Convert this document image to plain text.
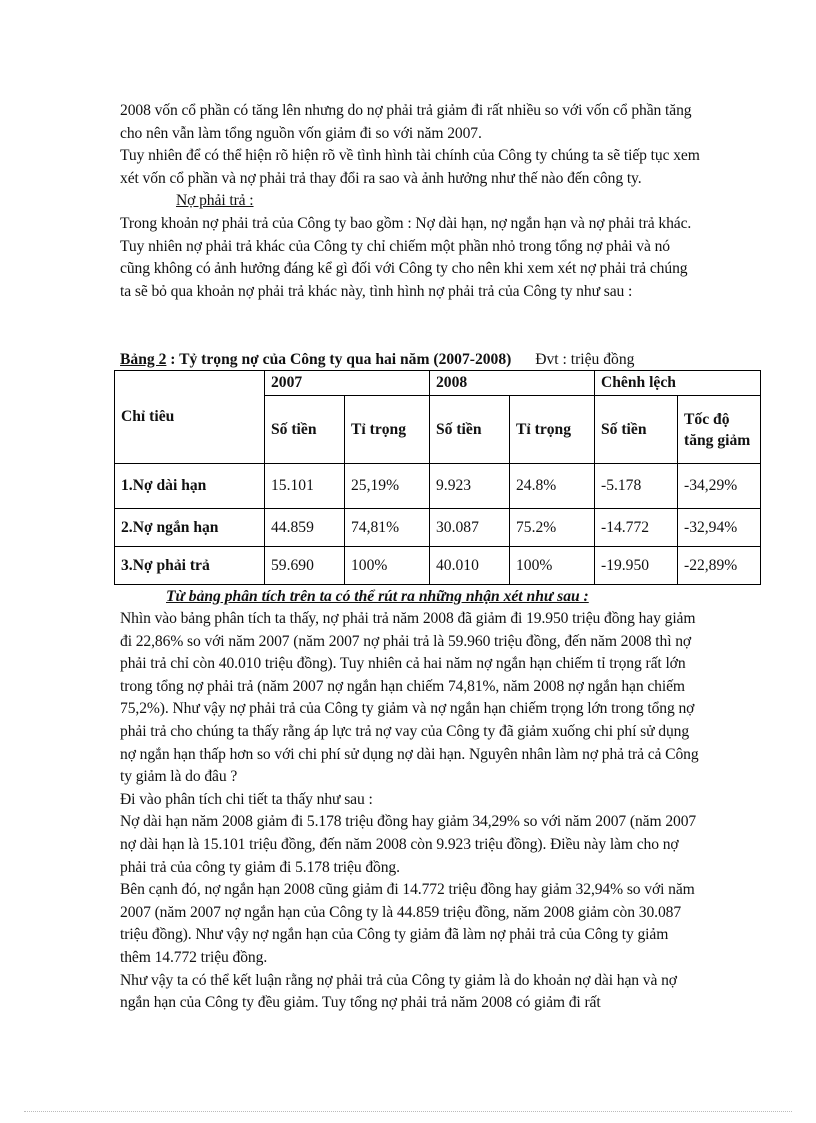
2008 vốn cổ phần có tăng lên nhưng do nợ phải trả giảm đi rất nhiều so với vốn cổ phần tăng cho nên vẫn làm tổng nguồn vốn giảm đi so với năm 2007.

Tuy nhiên để có thể hiện rõ hiện rõ về tình hình tài chính của Công ty chúng ta sẽ tiếp tục xem xét vốn cổ phần và nợ phải trả thay đổi ra sao và ảnh hưởng như thế nào đến công ty.

Nợ phải trả :

Trong khoản nợ phải trả của Công ty bao gồm : Nợ dài hạn, nợ ngắn hạn và nợ phải trả khác. Tuy nhiên nợ phải trả khác của Công ty chỉ chiếm một phần nhỏ trong tổng nợ phải và nó cũng không có ảnh hưởng đáng kể gì đối với Công ty cho nên khi xem xét nợ phải trả chúng ta sẽ bỏ qua khoản nợ phải trả khác này, tình hình nợ phải trả của Công ty như sau :

Bảng 2 : Tỷ trọng nợ của Công ty qua hai năm (2007-2008) Đvt : triệu đồng
Chỉ tiêu	2007		2008		Chênh lệch	
	Số tiền	Tỉ trọng	Số tiền	Tỉ trọng	Số tiền	Tốc độ tăng giảm
1.Nợ dài hạn	15.101	25,19%	9.923	24.8%	-5.178	-34,29%
2.Nợ ngắn hạn	44.859	74,81%	30.087	75.2%	-14.772	-32,94%
3.Nợ phải trả	59.690	100%	40.010	100%	-19.950	-22,89%
Từ bảng phân tích trên ta có thể rút ra những nhận xét như sau :

Nhìn vào bảng phân tích ta thấy, nợ phải trả năm 2008 đã giảm đi 19.950 triệu đồng hay giảm đi 22,86% so với năm 2007 (năm 2007 nợ phải trả là 59.960 triệu đồng, đến năm 2008 thì nợ phải trả chỉ còn 40.010 triệu đồng). Tuy nhiên cả hai năm nợ ngắn hạn chiếm tỉ trọng rất lớn trong tổng nợ phải trả (năm 2007 nợ ngắn hạn chiếm 74,81%, năm 2008 nợ ngắn hạn chiếm 75,2%). Như vậy nợ phải trả của Công ty giảm và nợ ngắn hạn chiếm trọng lớn trong tổng nợ phải trả cho chúng ta thấy rằng áp lực trả nợ vay của Công ty đã giảm xuống chi phí sử dụng nợ ngắn hạn thấp hơn so với chi phí sử dụng nợ dài hạn. Nguyên nhân làm nợ phả trả cả Công ty giảm là do đâu ?

Đi vào phân tích chi tiết ta thấy như sau :

Nợ dài hạn năm 2008 giảm đi 5.178 triệu đồng hay giảm 34,29% so với năm 2007 (năm 2007 nợ dài hạn là 15.101 triệu đồng, đến năm 2008 còn 9.923 triệu đồng). Điều này làm cho nợ phải trả của công ty giảm đi 5.178 triệu đồng.

Bên cạnh đó, nợ ngắn hạn 2008 cũng giảm đi 14.772 triệu đồng hay giảm 32,94% so với năm 2007 (năm 2007 nợ ngắn hạn của Công ty là 44.859 triệu đồng, năm 2008 giảm còn 30.087 triệu đồng). Như vậy nợ ngắn hạn của Công ty giảm đã làm nợ phải trả của Công ty giảm thêm 14.772 triệu đồng.

Như vậy ta có thể kết luận rằng nợ phải trả của Công ty giảm là do khoản nợ dài hạn và nợ ngắn hạn của Công ty đều giảm. Tuy tổng nợ phải trả năm 2008 có giảm đi rất
